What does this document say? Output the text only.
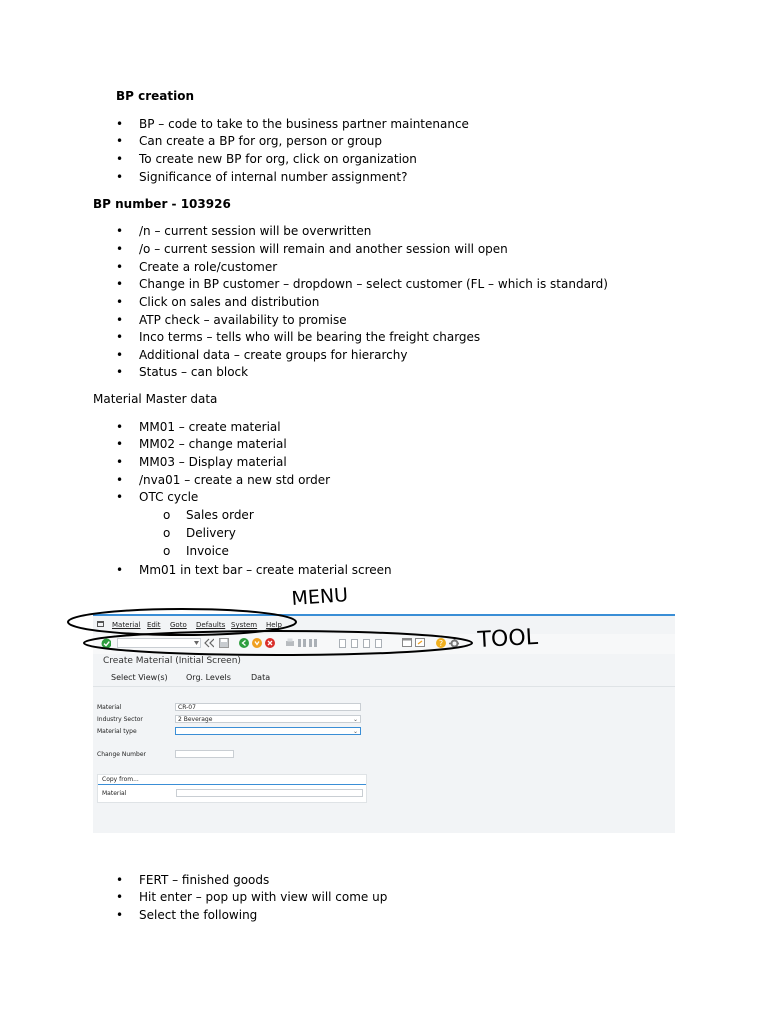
BP creation
• BP – code to take to the business partner maintenance
• Can create a BP for org, person or group
• To create new BP for org, click on organization
• Significance of internal number assignment?
BP number - 103926
• /n – current session will be overwritten
• /o – current session will remain and another session will open
• Create a role/customer
• Change in BP customer – dropdown – select customer (FL – which is standard)
• Click on sales and distribution
• ATP check – availability to promise
• Inco terms – tells who will be bearing the freight charges
• Additional data – create groups for hierarchy
• Status – can block
Material Master data
• MM01 – create material
• MM02 – change material
• MM03 – Display material
• /nva01 – create a new std order
• OTC cycle
o Sales order
o Delivery
o Invoice
• Mm01 in text bar – create material screen
Material Edit Goto Defaults System Help
?
Create Material (Initial Screen)
Select View(s) Org. Levels	Data
Material	CR-07
Industry Sector	2 Beverage	⌄
Material type	⌄
Change Number
Copy from...
Material
MENU
TOOL
• FERT – finished goods
• Hit enter – pop up with view will come up
• Select the following
